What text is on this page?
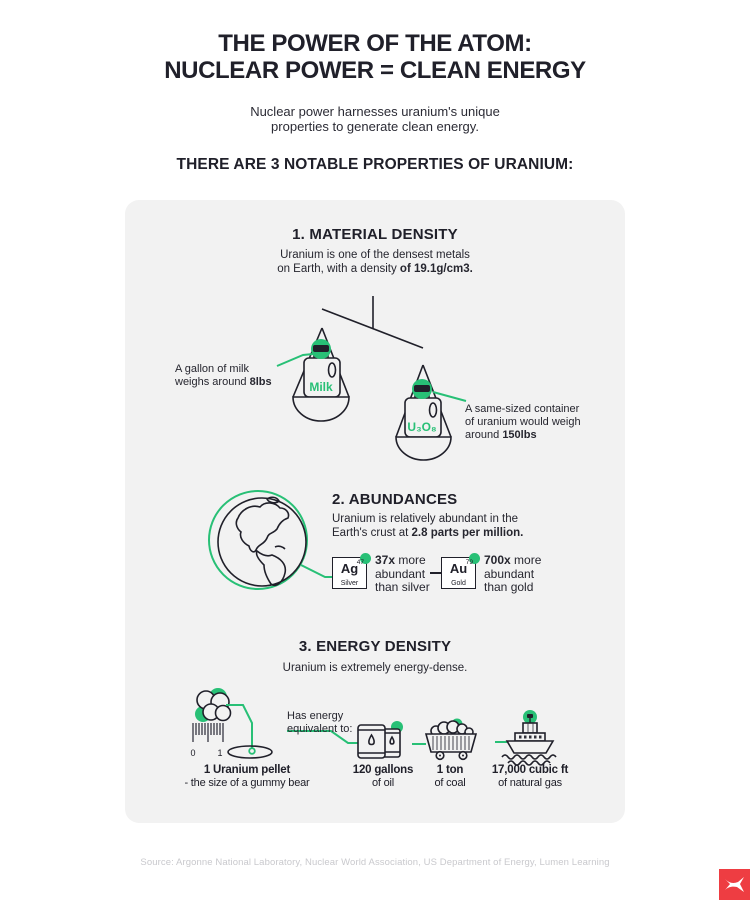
THE POWER OF THE ATOM:
NUCLEAR POWER = CLEAN ENERGY

Nuclear power harnesses uranium's unique
properties to generate clean energy.

THERE ARE 3 NOTABLE PROPERTIES OF URANIUM:
1. MATERIAL DENSITY

Uranium is one of the densest metals
on Earth, with a density of 19.1g/cm3.

Milk
U₃O₈
A gallon of milk
weighs around 8lbs
A same-sized container
of uranium would weigh
around 150lbs
2. ABUNDANCES

Uranium is relatively abundant in the
Earth's crust at 2.8 parts per million.

Ag
47
Silver
37x more
abundant
than silver
Au
79
Gold
700x more
abundant
than gold
3. ENERGY DENSITY

Uranium is extremely energy-dense.

0 1
Has energy
equivalent to:
1 Uranium pellet
- the size of a gummy bear
120 gallons
of oil
1 ton
of coal
17,000 cubic ft
of natural gas

Source: Argonne National Laboratory, Nuclear World Association, US Department of Energy, Lumen Learning
